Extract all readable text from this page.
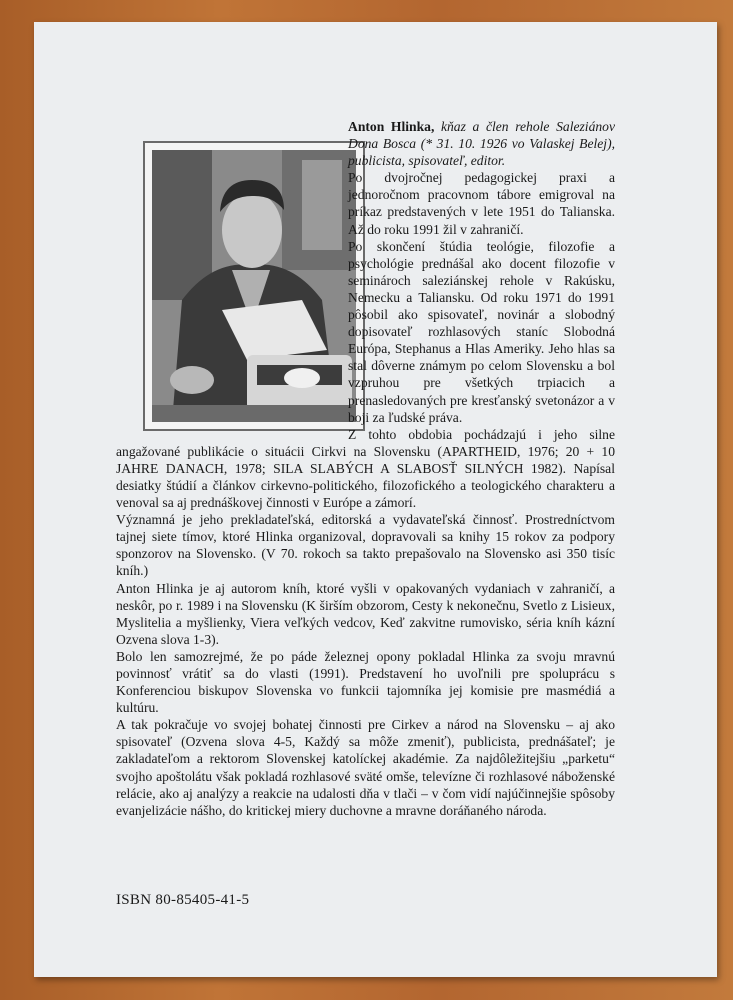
Anton Hlinka, kňaz a člen rehole Saleziánov Dona Bosca (* 31. 10. 1926 vo Valaskej Belej), publicista, spisovateľ, editor.

Po dvojročnej pedagogickej praxi a jednoročnom pracovnom tábore emigroval na príkaz predstavených v lete 1951 do Talianska. Až do roku 1991 žil v zahraničí.

Po skončení štúdia teológie, filozofie a psychológie prednášal ako docent filozofie v seminároch saleziánskej rehole v Rakúsku, Nemecku a Taliansku. Od roku 1971 do 1991 pôsobil ako spisovateľ, novinár a slobodný dopisovateľ rozhlasových staníc Slobodná Európa, Stephanus a Hlas Ameriky. Jeho hlas sa stal dôverne známym po celom Slovensku a bol vzpruhou pre všetkých trpiacich a prenasledovaných pre kresťanský svetonázor a v boji za ľudské práva.

Z tohto obdobia pochádzajú i jeho silne angažované publikácie o situácii Cirkvi na Slovensku (APARTHEID, 1976; 20 + 10 JAHRE DANACH, 1978; SILA SLABÝCH A SLABOSŤ SILNÝCH 1982). Napísal desiatky štúdií a článkov cirkevno-politického, filozofického a teologického charakteru a venoval sa aj prednáškovej činnosti v Európe a zámorí.

Významná je jeho prekladateľská, editorská a vydavateľská činnosť. Prostredníctvom tajnej siete tímov, ktoré Hlinka organizoval, dopravovali sa knihy 15 rokov za podpory sponzorov na Slovensko. (V 70. rokoch sa takto prepašovalo na Slovensko asi 350 tisíc kníh.)

Anton Hlinka je aj autorom kníh, ktoré vyšli v opakovaných vydaniach v zahraničí, a neskôr, po r. 1989 i na Slovensku (K širším obzorom, Cesty k nekonečnu, Svetlo z Lisieux, Myslitelia a myšlienky, Viera veľkých vedcov, Keď zakvitne rumovisko, séria kníh kázní Ozvena slova 1-3).

Bolo len samozrejmé, že po páde železnej opony pokladal Hlinka za svoju mravnú povinnosť vrátiť sa do vlasti (1991). Predstavení ho uvoľnili pre spoluprácu s Konferenciou biskupov Slovenska vo funkcii tajomníka jej komisie pre masmédiá a kultúru.

A tak pokračuje vo svojej bohatej činnosti pre Cirkev a národ na Slovensku – aj ako spisovateľ (Ozvena slova 4-5, Každý sa môže zmeniť), publicista, prednášateľ; je zakladateľom a rektorom Slovenskej katolíckej akadémie. Za najdôležitejšiu „parketu“ svojho apoštolátu však pokladá rozhlasové sväté omše, televízne či rozhlasové náboženské relácie, ako aj analýzy a reakcie na udalosti dňa v tlači – v čom vidí najúčinnejšie spôsoby evanjelizácie nášho, do kritickej miery duchovne a mravne doráňaného národa.

ISBN 80-85405-41-5
